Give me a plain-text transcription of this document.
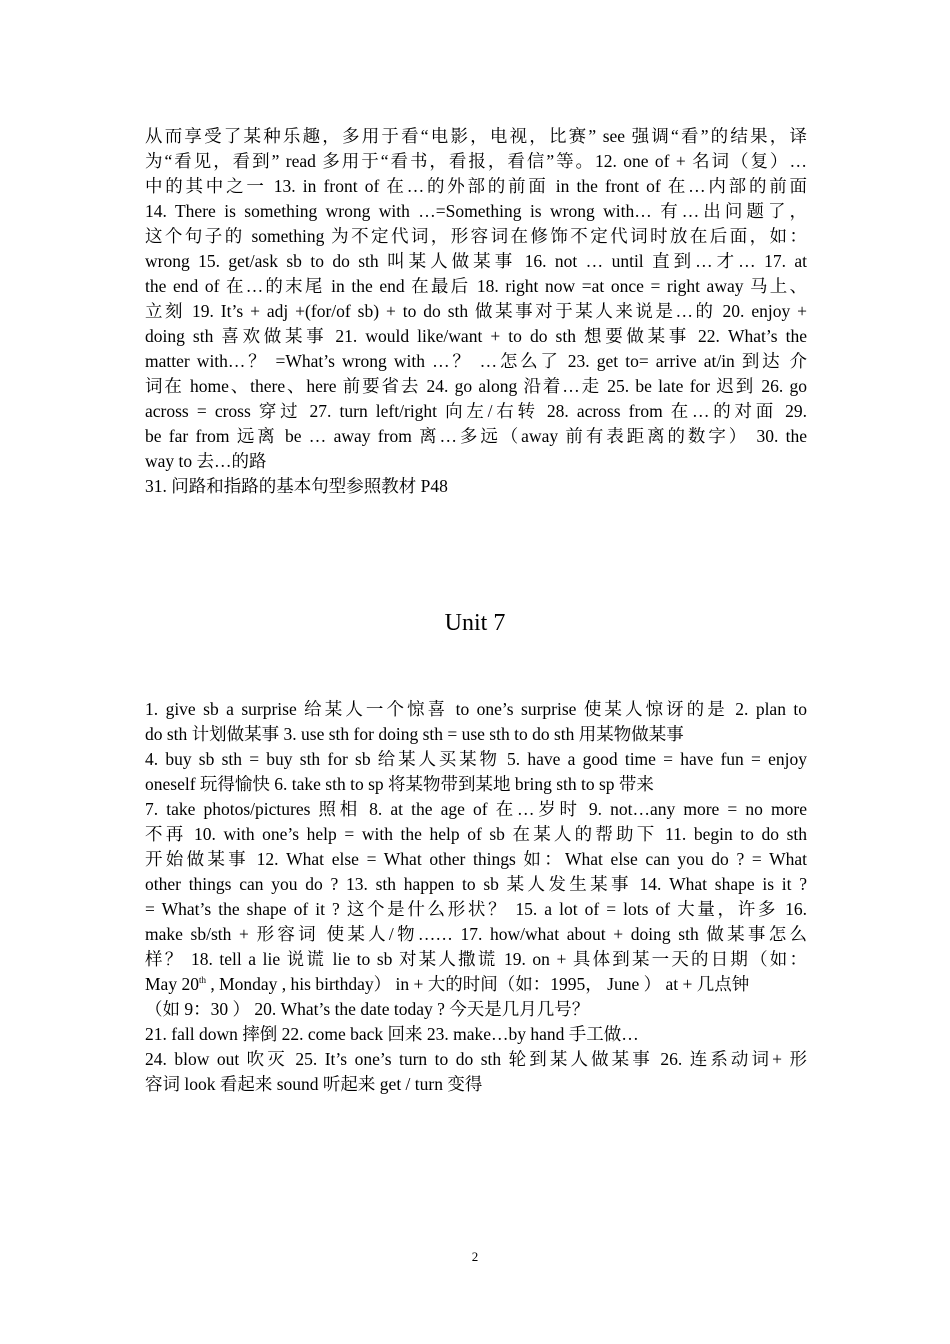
从而享受了某种乐趣，多用于看“电影，电视，比赛” see 强调“看”的结果，译
为“看见，看到” read 多用于“看书，看报，看信”等。12. one of + 名词（复）…
中的其中之一 13. in front of 在…的外部的前面 in the front of 在…内部的前面
14. There is something wrong with …=Something is wrong with… 有…出问题了，
这个句子的 something 为不定代词，形容词在修饰不定代词时放在后面，如：
wrong 15. get/ask sb to do sth 叫某人做某事 16. not … until 直到…才… 17. at
the end of 在…的末尾 in the end 在最后 18. right now =at once = right away 马上、
立刻 19. It’s + adj +(for/of sb) + to do sth 做某事对于某人来说是…的 20. enjoy +
doing sth 喜欢做某事 21. would like/want + to do sth 想要做某事 22. What’s the
matter with…？ =What’s wrong with …？ …怎么了 23. get to= arrive at/in 到达 介
词在 home、there、here 前要省去 24. go along 沿着…走 25. be late for 迟到 26. go
across = cross 穿过 27. turn left/right 向左/右转 28. across from 在…的对面 29.
be far from 远离 be … away from 离…多远（away 前有表距离的数字） 30. the
way to 去…的路
31. 问路和指路的基本句型参照教材 P48
Unit 7
1. give sb a surprise 给某人一个惊喜 to one’s surprise 使某人惊讶的是 2. plan to
do sth 计划做某事 3. use sth for doing sth = use sth to do sth 用某物做某事
4. buy sb sth = buy sth for sb 给某人买某物 5. have a good time = have fun = enjoy
oneself 玩得愉快 6. take sth to sp 将某物带到某地 bring sth to sp 带来
7. take photos/pictures 照相 8. at the age of 在…岁时 9. not…any more = no more
不再 10. with one’s help = with the help of sb 在某人的帮助下 11. begin to do sth
开始做某事 12. What else = What other things 如：What else can you do ? = What
other things can you do ? 13. sth happen to sb 某人发生某事 14. What shape is it ?
= What’s the shape of it ? 这个是什么形状？ 15. a lot of = lots of 大量，许多 16.
make sb/sth + 形容词 使某人/物…… 17. how/what about + doing sth 做某事怎么
样？ 18. tell a lie 说谎 lie to sb 对某人撒谎 19. on + 具体到某一天的日期（如：
May 20th , Monday , his birthday） in + 大的时间（如：1995， June ） at + 几点钟
（如 9：30 ） 20. What’s the date today ? 今天是几月几号？
21. fall down 摔倒 22. come back 回来 23. make…by hand 手工做…
24. blow out 吹灭 25. It’s one’s turn to do sth 轮到某人做某事 26. 连系动词+ 形
容词 look 看起来 sound 听起来 get / turn 变得
2
